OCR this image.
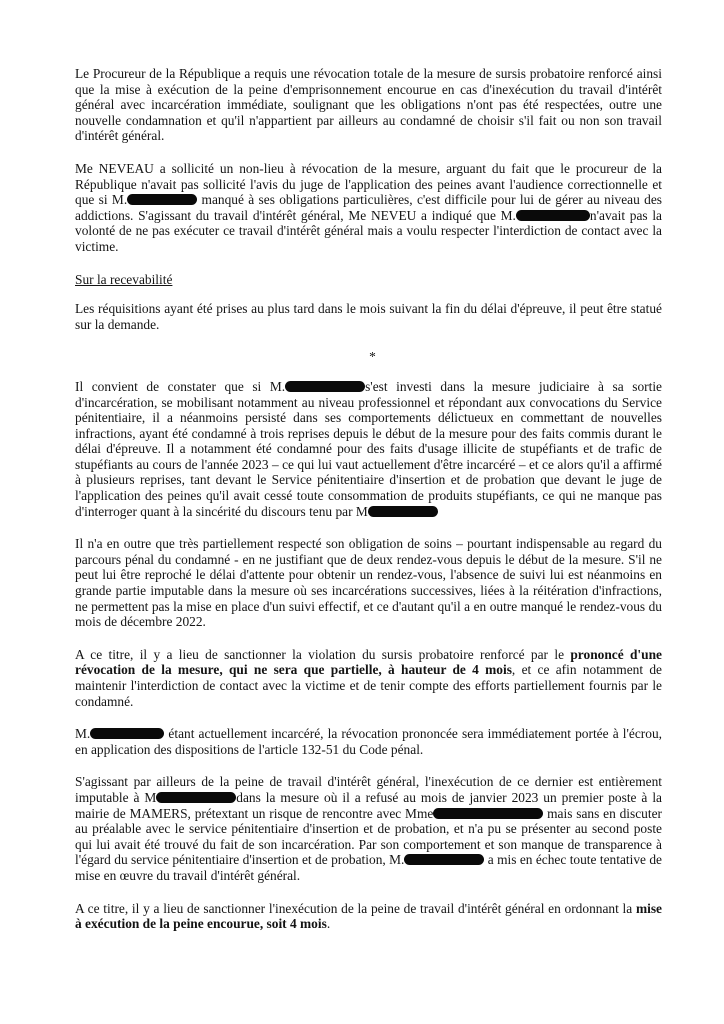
Le Procureur de la République a requis une révocation totale de la mesure de sursis probatoire renforcé ainsi que la mise à exécution de la peine d'emprisonnement encourue en cas d'inexécution du travail d'intérêt général avec incarcération immédiate, soulignant que les obligations n'ont pas été respectées, outre une nouvelle condamnation et qu'il n'appartient par ailleurs au condamné de choisir s'il fait ou non son travail d'intérêt général.

Me NEVEAU a sollicité un non-lieu à révocation de la mesure, arguant du fait que le procureur de la République n'avait pas sollicité l'avis du juge de l'application des peines avant l'audience correctionnelle et que si M.	manqué à ses obligations particulières, c'est difficile pour lui de gérer au niveau des addictions. S'agissant du travail d'intérêt général, Me NEVEU a indiqué que M.	n'avait pas la volonté de ne pas exécuter ce travail d'intérêt général mais a voulu respecter l'interdiction de contact avec la victime.

Sur la recevabilité

Les réquisitions ayant été prises au plus tard dans le mois suivant la fin du délai d'épreuve, il peut être statué sur la demande.

*

Il convient de constater que si M.	s'est investi dans la mesure judiciaire à sa sortie d'incarcération, se mobilisant notamment au niveau professionnel et répondant aux convocations du Service pénitentiaire, il a néanmoins persisté dans ses comportements délictueux en commettant de nouvelles infractions, ayant été condamné à trois reprises depuis le début de la mesure pour des faits commis durant le délai d'épreuve. Il a notamment été condamné pour des faits d'usage illicite de stupéfiants et de trafic de stupéfiants au cours de l'année 2023 – ce qui lui vaut actuellement d'être incarcéré – et ce alors qu'il a affirmé à plusieurs reprises, tant devant le Service pénitentiaire d'insertion et de probation que devant le juge de l'application des peines qu'il avait cessé toute consommation de produits stupéfiants, ce qui ne manque pas d'interroger quant à la sincérité du discours tenu par M

Il n'a en outre que très partiellement respecté son obligation de soins – pourtant indispensable au regard du parcours pénal du condamné - en ne justifiant que de deux rendez-vous depuis le début de la mesure. S'il ne peut lui être reproché le délai d'attente pour obtenir un rendez-vous, l'absence de suivi lui est néanmoins en grande partie imputable dans la mesure où ses incarcérations successives, liées à la réitération d'infractions, ne permettent pas la mise en place d'un suivi effectif, et ce d'autant qu'il a en outre manqué le rendez-vous du mois de décembre 2022.

A ce titre, il y a lieu de sanctionner la violation du sursis probatoire renforcé par le prononcé d'une révocation de la mesure, qui ne sera que partielle, à hauteur de 4 mois, et ce afin notamment de maintenir l'interdiction de contact avec la victime et de tenir compte des efforts partiellement fournis par le condamné.

M.	étant actuellement incarcéré, la révocation prononcée sera immédiatement portée à l'écrou, en application des dispositions de l'article 132-51 du Code pénal.

S'agissant par ailleurs de la peine de travail d'intérêt général, l'inexécution de ce dernier est entièrement imputable à M	dans la mesure où il a refusé au mois de janvier 2023 un premier poste à la mairie de MAMERS, prétextant un risque de rencontre avec Mme	mais sans en discuter au préalable avec le service pénitentiaire d'insertion et de probation, et n'a pu se présenter au second poste qui lui avait été trouvé du fait de son incarcération. Par son comportement et son manque de transparence à l'égard du service pénitentiaire d'insertion et de probation, M.	a mis en échec toute tentative de mise en œuvre du travail d'intérêt général.

A ce titre, il y a lieu de sanctionner l'inexécution de la peine de travail d'intérêt général en ordonnant la mise à exécution de la peine encourue, soit 4 mois.
